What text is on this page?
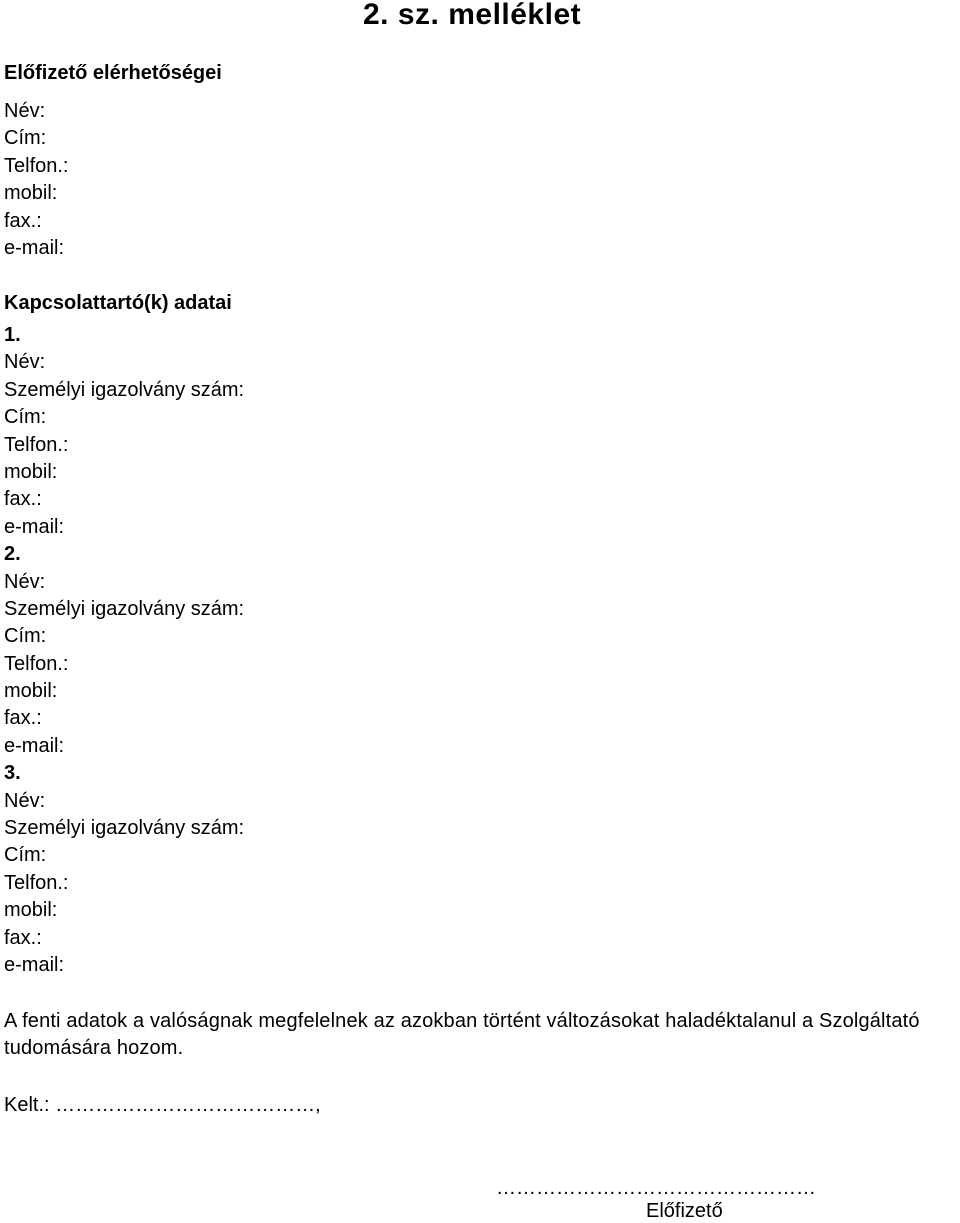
2. sz. melléklet
Előfizető elérhetőségei
Név:
Cím:
Telfon.:
mobil:
fax.:
e-mail:
Kapcsolattartó(k) adatai
1.
Név:
Személyi igazolvány szám:
Cím:
Telfon.:
mobil:
fax.:
e-mail:
2.
Név:
Személyi igazolvány szám:
Cím:
Telfon.:
mobil:
fax.:
e-mail:
3.
Név:
Személyi igazolvány szám:
Cím:
Telfon.:
mobil:
fax.:
e-mail:
A fenti adatok a valóságnak megfelelnek az azokban történt változásokat haladéktalanul a Szolgáltató tudomására hozom.
Kelt.: …………………………………,
…………………………………………
Előfizető
